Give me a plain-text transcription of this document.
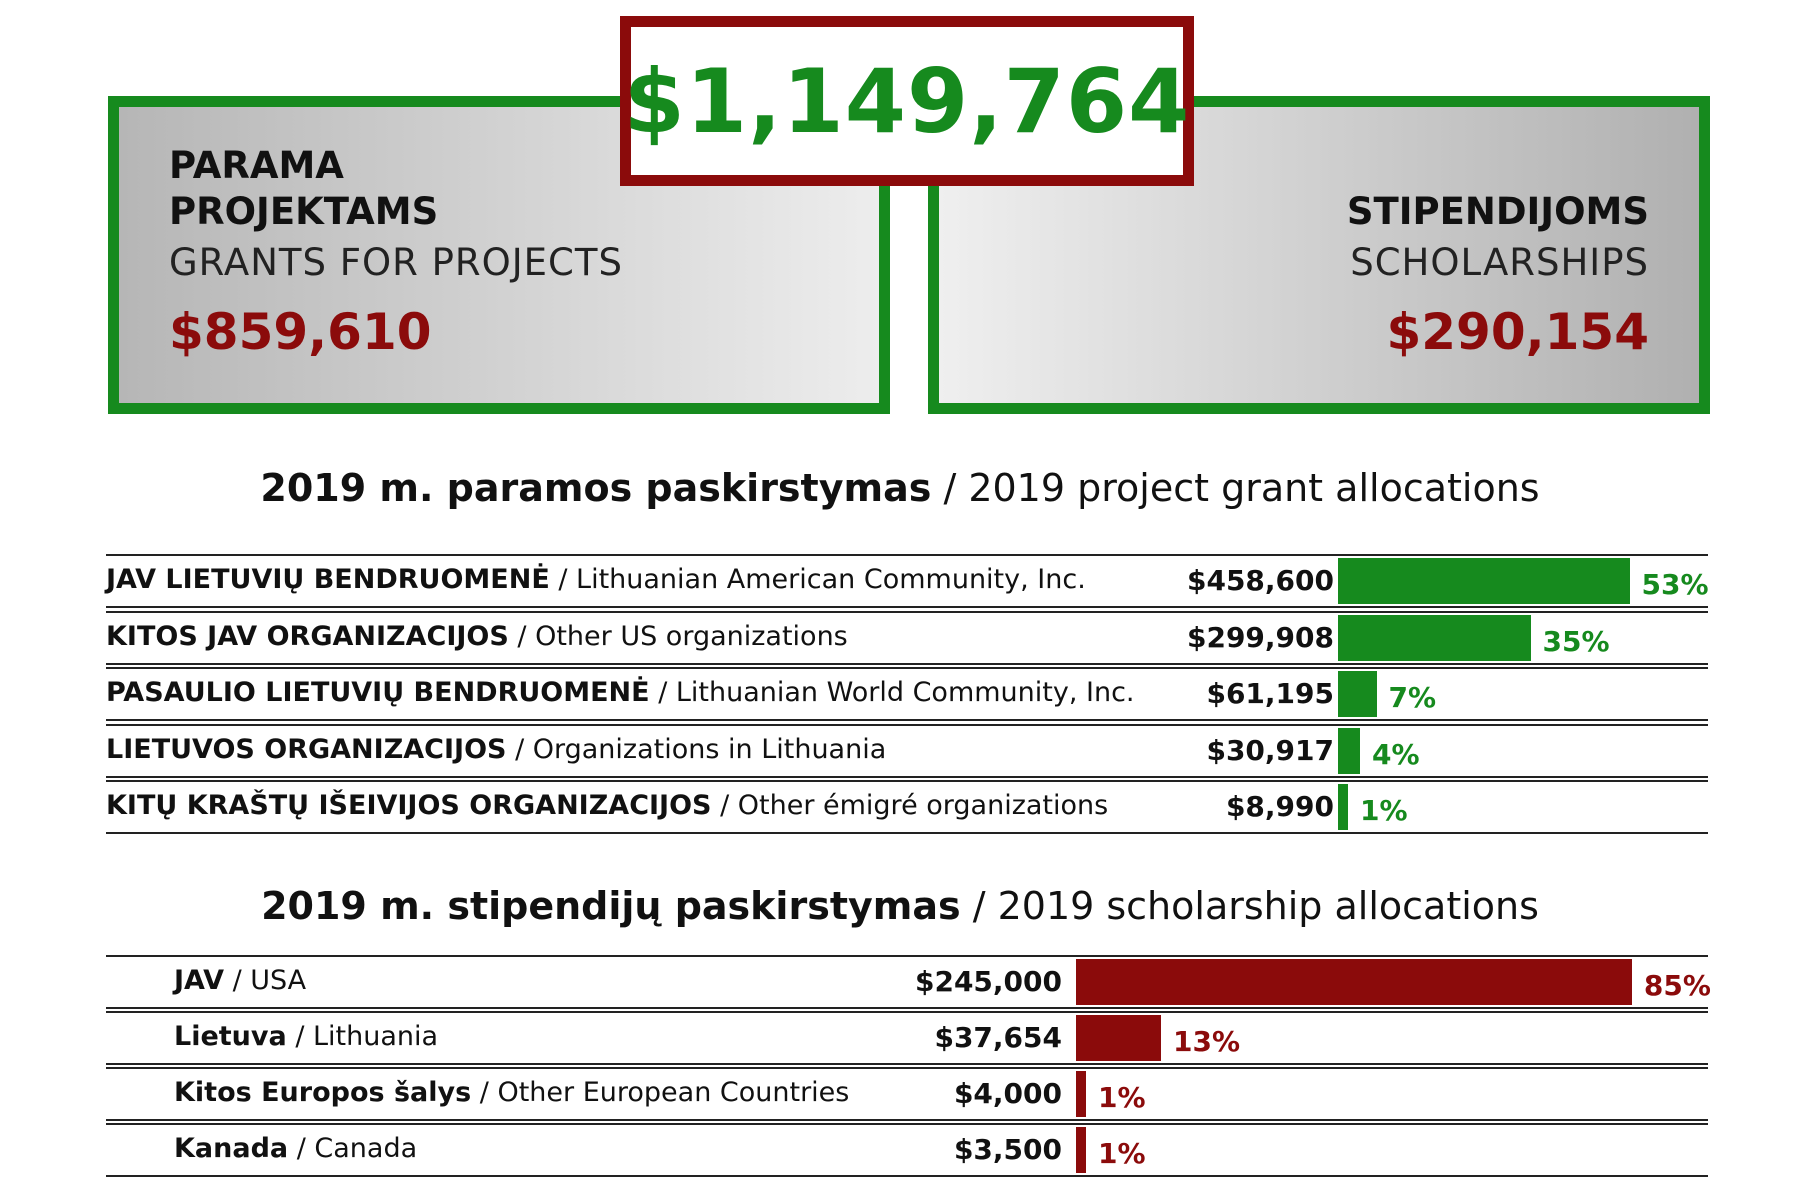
PARAMA
PROJEKTAMS
GRANTS FOR PROJECTS
$859,610
STIPENDIJOMS
SCHOLARSHIPS
$290,154
$1,149,764
2019 m. paramos paskirstymas / 2019 project grant allocations
JAV LIETUVIŲ BENDRUOMENĖ / Lithuanian American Community, Inc.	$458,600	53%
KITOS JAV ORGANIZACIJOS / Other US organizations	$299,908	35%
PASAULIO LIETUVIŲ BENDRUOMENĖ / Lithuanian World Community, Inc.	$61,195 7%
LIETUVOS ORGANIZACIJOS / Organizations in Lithuania	$30,917 4%
KITŲ KRAŠTŲ IŠEIVIJOS ORGANIZACIJOS / Other émigré organizations	$8,990 1%
2019 m. stipendijų paskirstymas / 2019 scholarship allocations
JAV / USA	$245,000	85%
Lietuva / Lithuania	$37,654	13%
Kitos Europos šalys / Other European Countries	$4,000 1%
Kanada / Canada	$3,500 1%
